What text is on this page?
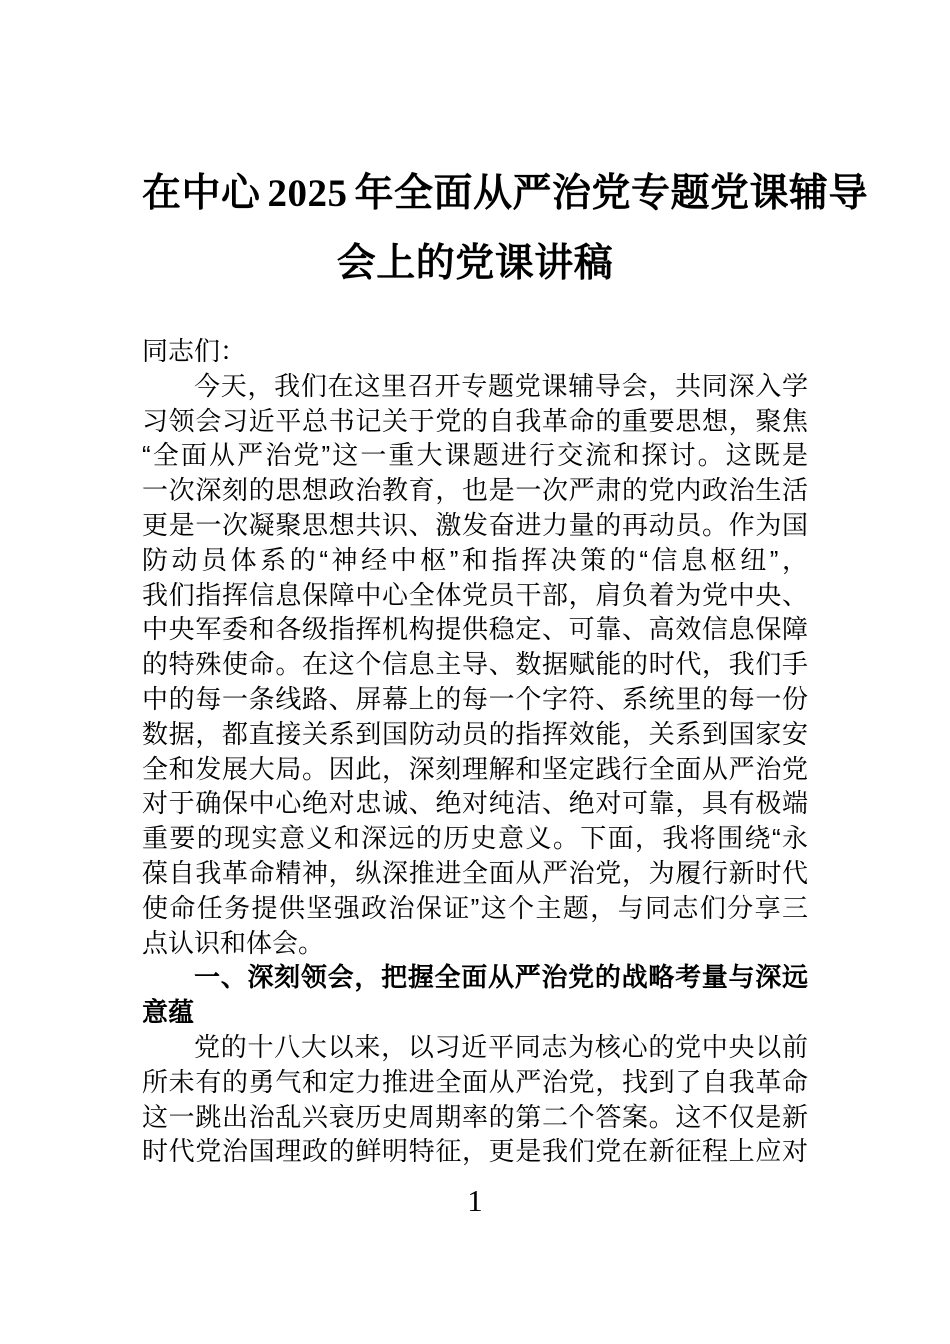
在中心 2025 年全面从严治党专题党课辅导
会上的党课讲稿
同志们：
今天，我们在这里召开专题党课辅导会，共同深入学
习领会习近平总书记关于党的自我革命的重要思想，聚焦
“全面从严治党”这一重大课题进行交流和探讨。这既是
一次深刻的思想政治教育，也是一次严肃的党内政治生活
更是一次凝聚思想共识、激发奋进力量的再动员。作为国
防动员体系的“神经中枢”和指挥决策的“信息枢纽”，
我们指挥信息保障中心全体党员干部，肩负着为党中央、
中央军委和各级指挥机构提供稳定、可靠、高效信息保障
的特殊使命。在这个信息主导、数据赋能的时代，我们手
中的每一条线路、屏幕上的每一个字符、系统里的每一份
数据，都直接关系到国防动员的指挥效能，关系到国家安
全和发展大局。因此，深刻理解和坚定践行全面从严治党
对于确保中心绝对忠诚、绝对纯洁、绝对可靠，具有极端
重要的现实意义和深远的历史意义。下面，我将围绕“永
葆自我革命精神，纵深推进全面从严治党，为履行新时代
使命任务提供坚强政治保证”这个主题，与同志们分享三
点认识和体会。
一、深刻领会，把握全面从严治党的战略考量与深远
意蕴
党的十八大以来，以习近平同志为核心的党中央以前
所未有的勇气和定力推进全面从严治党，找到了自我革命
这一跳出治乱兴衰历史周期率的第二个答案。这不仅是新
时代党治国理政的鲜明特征，更是我们党在新征程上应对
1
